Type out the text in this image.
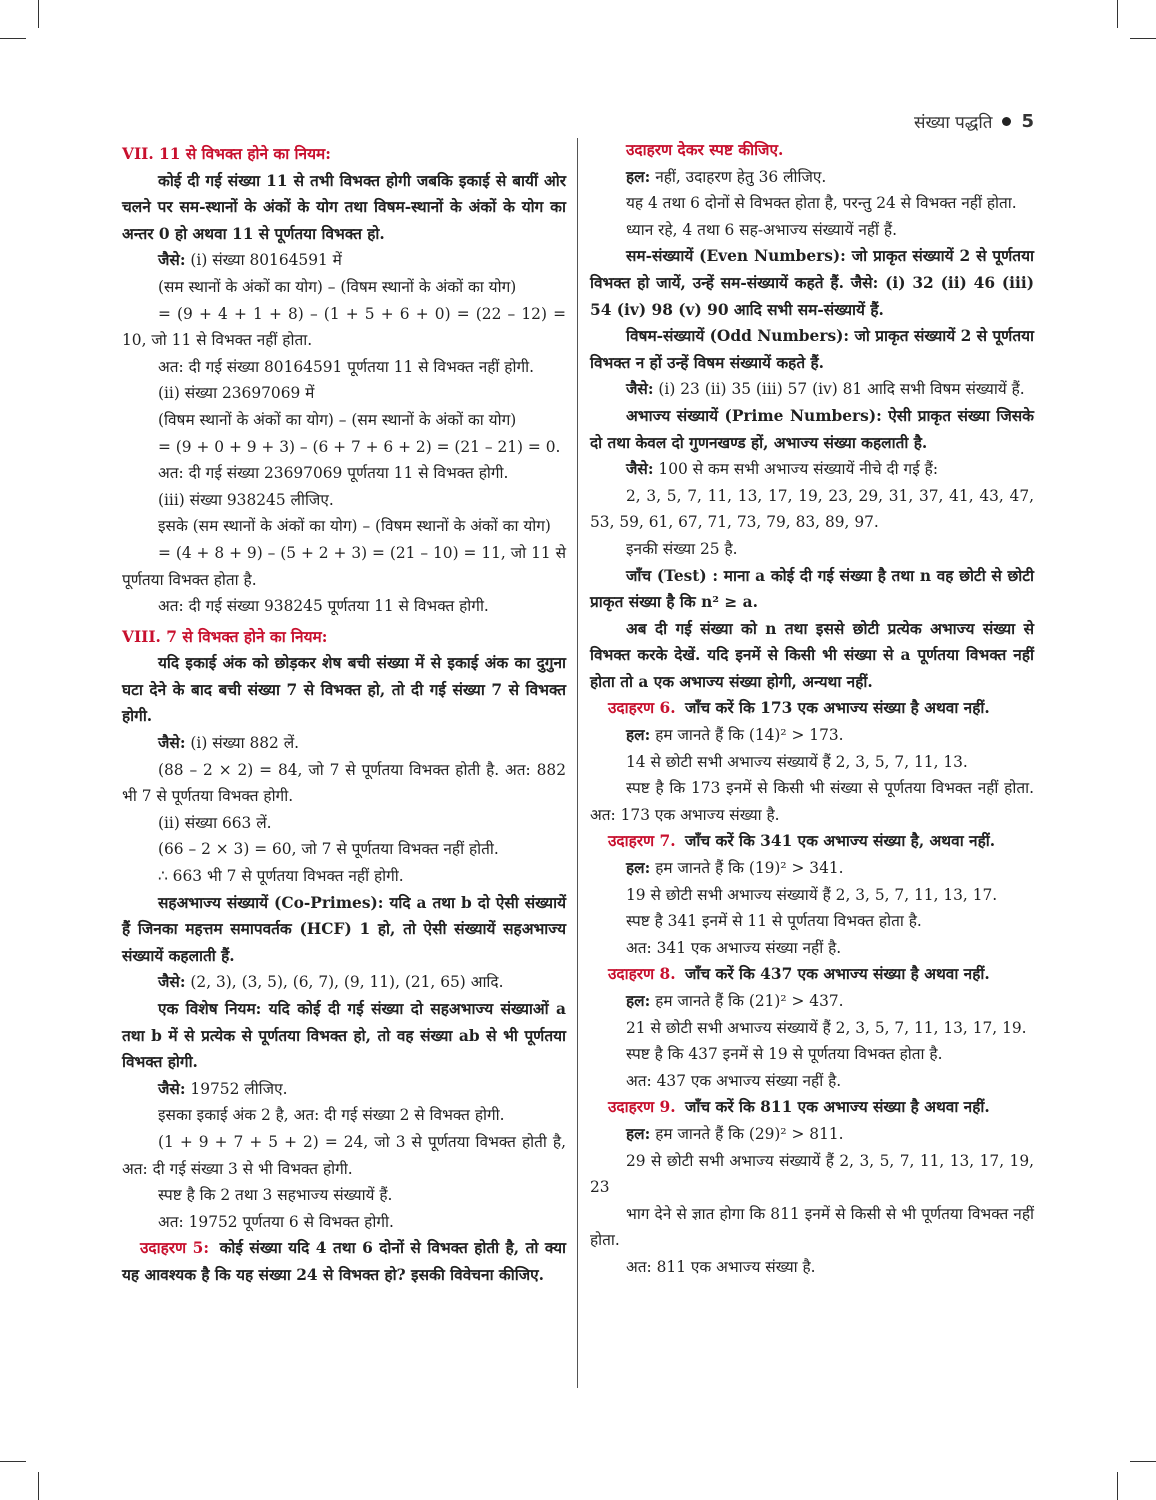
संख्या पद्धति 5

VII. 11 से विभक्त होने का नियम:

कोई दी गई संख्या 11 से तभी विभक्त होगी जबकि इकाई से बायीं ओर चलने पर सम-स्थानों के अंकों के योग तथा विषम-स्थानों के अंकों के योग का अन्तर 0 हो अथवा 11 से पूर्णतया विभक्त हो.

जैसे: (i) संख्या 80164591 में

(सम स्थानों के अंकों का योग) – (विषम स्थानों के अंकों का योग)

= (9 + 4 + 1 + 8) – (1 + 5 + 6 + 0) = (22 – 12) = 10, जो 11 से विभक्त नहीं होता.

अत: दी गई संख्या 80164591 पूर्णतया 11 से विभक्त नहीं होगी.

(ii) संख्या 23697069 में

(विषम स्थानों के अंकों का योग) – (सम स्थानों के अंकों का योग)

= (9 + 0 + 9 + 3) – (6 + 7 + 6 + 2) = (21 – 21) = 0.

अत: दी गई संख्या 23697069 पूर्णतया 11 से विभक्त होगी.

(iii) संख्या 938245 लीजिए.

इसके (सम स्थानों के अंकों का योग) – (विषम स्थानों के अंकों का योग)

= (4 + 8 + 9) – (5 + 2 + 3) = (21 – 10) = 11, जो 11 से पूर्णतया विभक्त होता है.

अत: दी गई संख्या 938245 पूर्णतया 11 से विभक्त होगी.

VIII. 7 से विभक्त होने का नियम:

यदि इकाई अंक को छोड़कर शेष बची संख्या में से इकाई अंक का दुगुना घटा देने के बाद बची संख्या 7 से विभक्त हो, तो दी गई संख्या 7 से विभक्त होगी.

जैसे: (i) संख्या 882 लें.

(88 – 2 × 2) = 84, जो 7 से पूर्णतया विभक्त होती है. अत: 882 भी 7 से पूर्णतया विभक्त होगी.

(ii) संख्या 663 लें.

(66 – 2 × 3) = 60, जो 7 से पूर्णतया विभक्त नहीं होती.

∴ 663 भी 7 से पूर्णतया विभक्त नहीं होगी.

सहअभाज्य संख्यायें (Co-Primes): यदि a तथा b दो ऐसी संख्यायें हैं जिनका महत्तम समापवर्तक (HCF) 1 हो, तो ऐसी संख्यायें सहअभाज्य संख्यायें कहलाती हैं.

जैसे: (2, 3), (3, 5), (6, 7), (9, 11), (21, 65) आदि.

एक विशेष नियम: यदि कोई दी गई संख्या दो सहअभाज्य संख्याओं a तथा b में से प्रत्येक से पूर्णतया विभक्त हो, तो वह संख्या ab से भी पूर्णतया विभक्त होगी.

जैसे: 19752 लीजिए.

इसका इकाई अंक 2 है, अत: दी गई संख्या 2 से विभक्त होगी.

(1 + 9 + 7 + 5 + 2) = 24, जो 3 से पूर्णतया विभक्त होती है, अत: दी गई संख्या 3 से भी विभक्त होगी.

स्पष्ट है कि 2 तथा 3 सहभाज्य संख्यायें हैं.

अत: 19752 पूर्णतया 6 से विभक्त होगी.

उदाहरण 5: कोई संख्या यदि 4 तथा 6 दोनों से विभक्त होती है, तो क्या यह आवश्यक है कि यह संख्या 24 से विभक्त हो? इसकी विवेचना कीजिए.

उदाहरण देकर स्पष्ट कीजिए.

हल: नहीं, उदाहरण हेतु 36 लीजिए.

यह 4 तथा 6 दोनों से विभक्त होता है, परन्तु 24 से विभक्त नहीं होता.

ध्यान रहे, 4 तथा 6 सह-अभाज्य संख्यायें नहीं हैं.

सम-संख्यायें (Even Numbers): जो प्राकृत संख्यायें 2 से पूर्णतया विभक्त हो जायें, उन्हें सम-संख्यायें कहते हैं. जैसे: (i) 32 (ii) 46 (iii) 54 (iv) 98 (v) 90 आदि सभी सम-संख्यायें हैं.

विषम-संख्यायें (Odd Numbers): जो प्राकृत संख्यायें 2 से पूर्णतया विभक्त न हों उन्हें विषम संख्यायें कहते हैं.

जैसे: (i) 23 (ii) 35 (iii) 57 (iv) 81 आदि सभी विषम संख्यायें हैं.

अभाज्य संख्यायें (Prime Numbers): ऐसी प्राकृत संख्या जिसके दो तथा केवल दो गुणनखण्ड हों, अभाज्य संख्या कहलाती है.

जैसे: 100 से कम सभी अभाज्य संख्यायें नीचे दी गई हैं:

2, 3, 5, 7, 11, 13, 17, 19, 23, 29, 31, 37, 41, 43, 47, 53, 59, 61, 67, 71, 73, 79, 83, 89, 97.

इनकी संख्या 25 है.

जाँच (Test) : माना a कोई दी गई संख्या है तथा n वह छोटी से छोटी प्राकृत संख्या है कि n² ≥ a.

अब दी गई संख्या को n तथा इससे छोटी प्रत्येक अभाज्य संख्या से विभक्त करके देखें. यदि इनमें से किसी भी संख्या से a पूर्णतया विभक्त नहीं होता तो a एक अभाज्य संख्या होगी, अन्यथा नहीं.

उदाहरण 6. जाँच करें कि 173 एक अभाज्य संख्या है अथवा नहीं.

हल: हम जानते हैं कि (14)² > 173.

14 से छोटी सभी अभाज्य संख्यायें हैं 2, 3, 5, 7, 11, 13.

स्पष्ट है कि 173 इनमें से किसी भी संख्या से पूर्णतया विभक्त नहीं होता. अत: 173 एक अभाज्य संख्या है.

उदाहरण 7. जाँच करें कि 341 एक अभाज्य संख्या है, अथवा नहीं.

हल: हम जानते हैं कि (19)² > 341.

19 से छोटी सभी अभाज्य संख्यायें हैं 2, 3, 5, 7, 11, 13, 17.

स्पष्ट है 341 इनमें से 11 से पूर्णतया विभक्त होता है.

अत: 341 एक अभाज्य संख्या नहीं है.

उदाहरण 8. जाँच करें कि 437 एक अभाज्य संख्या है अथवा नहीं.

हल: हम जानते हैं कि (21)² > 437.

21 से छोटी सभी अभाज्य संख्यायें हैं 2, 3, 5, 7, 11, 13, 17, 19.

स्पष्ट है कि 437 इनमें से 19 से पूर्णतया विभक्त होता है.

अत: 437 एक अभाज्य संख्या नहीं है.

उदाहरण 9. जाँच करें कि 811 एक अभाज्य संख्या है अथवा नहीं.

हल: हम जानते हैं कि (29)² > 811.

29 से छोटी सभी अभाज्य संख्यायें हैं 2, 3, 5, 7, 11, 13, 17, 19, 23

भाग देने से ज्ञात होगा कि 811 इनमें से किसी से भी पूर्णतया विभक्त नहीं होता.

अत: 811 एक अभाज्य संख्या है.
